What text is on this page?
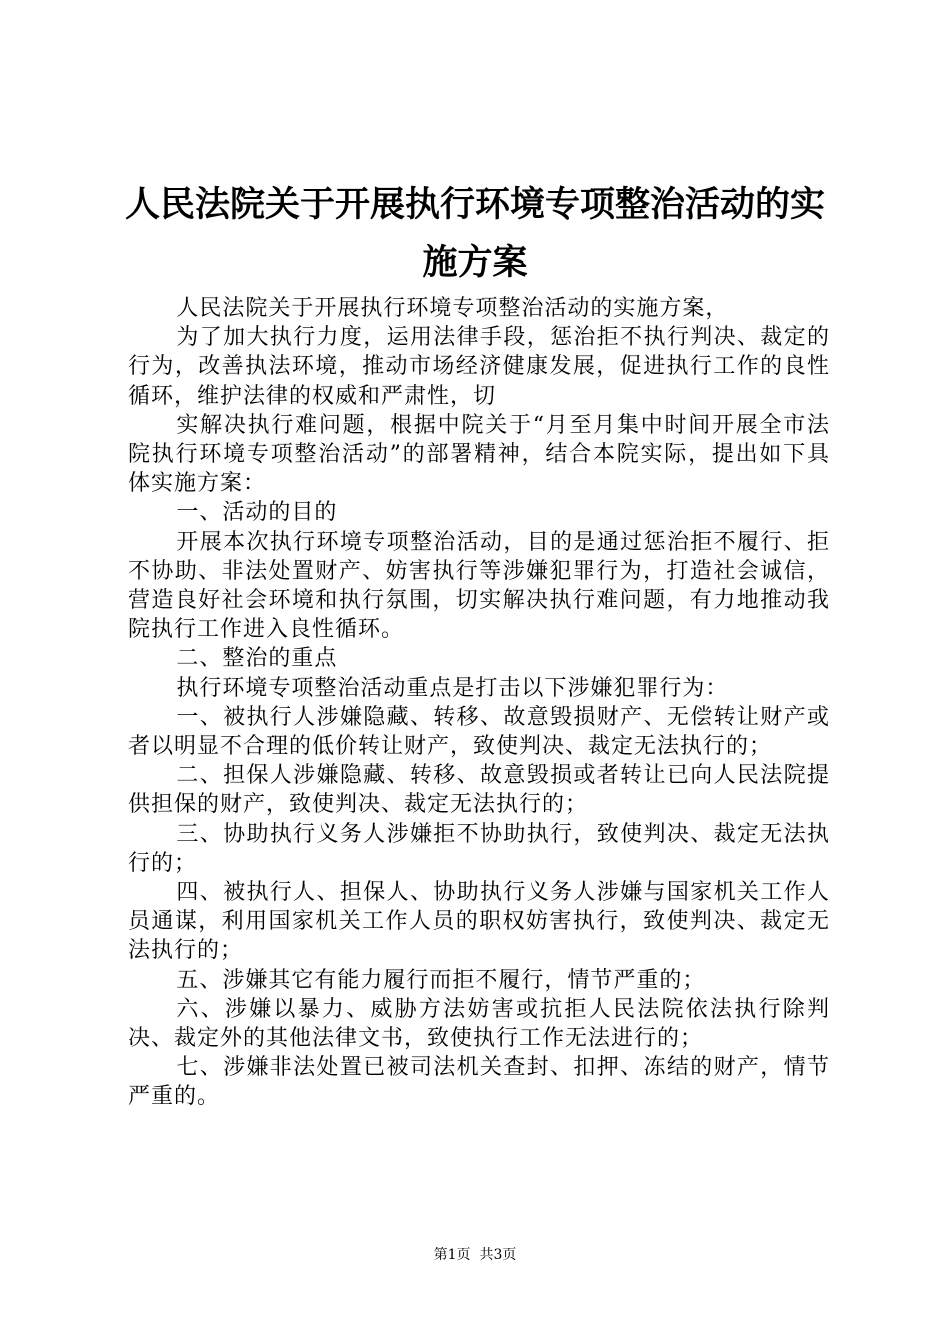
人民法院关于开展执行环境专项整治活动的实施方案

人民法院关于开展执行环境专项整治活动的实施方案，

为了加大执行力度，运用法律手段，惩治拒不执行判决、裁定的行为，改善执法环境，推动市场经济健康发展，促进执行工作的良性循环，维护法律的权威和严肃性，切

实解决执行难问题，根据中院关于“月至月集中时间开展全市法院执行环境专项整治活动”的部署精神，结合本院实际，提出如下具体实施方案：

一、活动的目的

开展本次执行环境专项整治活动，目的是通过惩治拒不履行、拒不协助、非法处置财产、妨害执行等涉嫌犯罪行为，打造社会诚信，营造良好社会环境和执行氛围，切实解决执行难问题，有力地推动我院执行工作进入良性循环。

二、整治的重点

执行环境专项整治活动重点是打击以下涉嫌犯罪行为：

一、被执行人涉嫌隐藏、转移、故意毁损财产、无偿转让财产或者以明显不合理的低价转让财产，致使判决、裁定无法执行的；

二、担保人涉嫌隐藏、转移、故意毁损或者转让已向人民法院提供担保的财产，致使判决、裁定无法执行的；

三、协助执行义务人涉嫌拒不协助执行，致使判决、裁定无法执行的；

四、被执行人、担保人、协助执行义务人涉嫌与国家机关工作人员通谋，利用国家机关工作人员的职权妨害执行，致使判决、裁定无法执行的；

五、涉嫌其它有能力履行而拒不履行，情节严重的；

六、涉嫌以暴力、威胁方法妨害或抗拒人民法院依法执行除判决、裁定外的其他法律文书，致使执行工作无法进行的；

七、涉嫌非法处置已被司法机关查封、扣押、冻结的财产，情节严重的。

第1页  共3页
